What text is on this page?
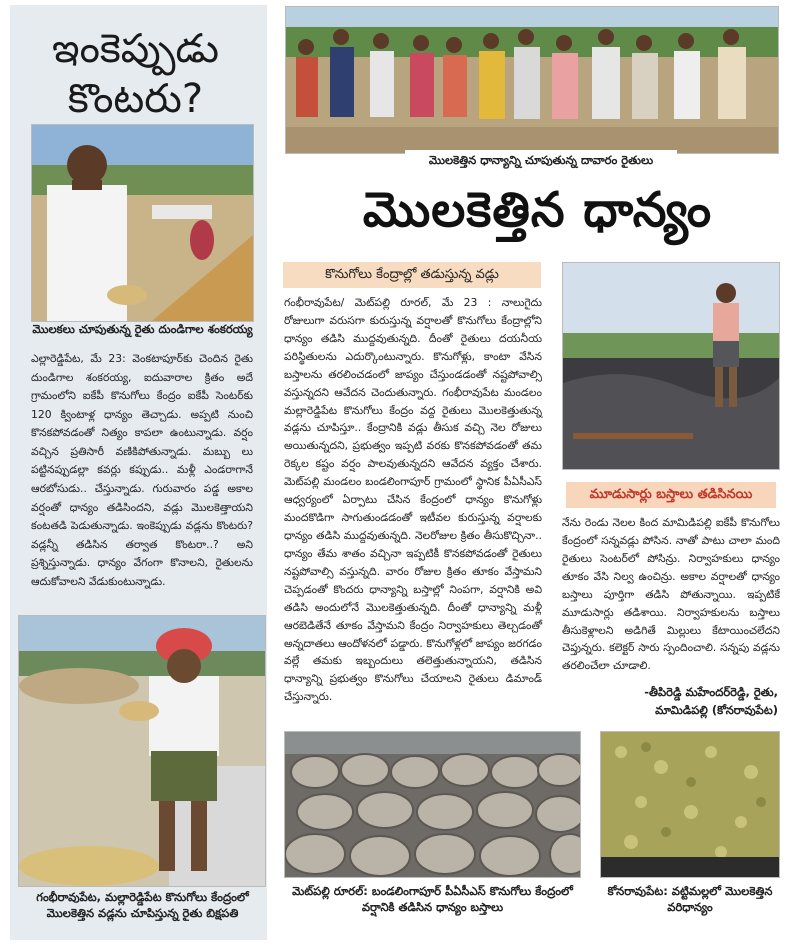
ఇంకెప్పుడు కొంటరు?
మొలకలు చూపుతున్న రైతు దుండిగాల శంకరయ్య
ఎల్లారెడ్డిపేట, మే 23: వెంకటాపూర్‌కు చెందిన రైతు దుండిగాల శంకరయ్య, ఐదువారాల క్రితం అదే గ్రామంలోని ఐకేపీ కొనుగోలు కేంద్రం ఐకేపీ సెంటర్‌కు 120 క్వింటాళ్ల ధాన్యం తెచ్చాడు. అప్పటి నుంచి కొనకపోవడంతో నిత్యం కాపలా ఉంటున్నాడు. వర్షం వచ్చిన ప్రతిసారీ వణికిపోతున్నాడు. మబ్బు లు పట్టినప్పుడల్లా కవర్లు కప్పుడు.. మళ్లీ ఎండరాగానే ఆరబోసుడు.. చేస్తున్నాడు. గురువారం పడ్డ అకాల వర్షంతో ధాన్యం తడిసిందని, వడ్లు మొలకెత్తాయని కంటతడి పెడుతున్నాడు. ఇంకెప్పుడు వడ్లను కొంటరు? వడ్లన్నీ తడిసిన తర్వాత కొంటరా..? అని ప్రశ్నిస్తున్నాడు. ధాన్యం వేగంగా కొనాలని, రైతులను ఆదుకోవాలని వేడుకుంటున్నాడు.
గంభీరావుపేట, మల్లారెడ్డిపేట కొనుగోలు కేంద్రంలో మొలకెత్తిన వడ్లను చూపిస్తున్న రైతు బిక్షపతి
మొలకెత్తిన ధాన్యాన్ని చూపుతున్న దావారం రైతులు
మొలకెత్తిన ధాన్యం
కొనుగోలు కేంద్రాల్లో తడుస్తున్న వడ్లు
గంభీరావుపేట/ మెట్‌పల్లి రూరల్, మే 23 : నాలుగైదు రోజులుగా వరుసగా కురుస్తున్న వర్షాలతో కొనుగోలు కేంద్రాల్లోని ధాన్యం తడిసి ముద్దవుతున్నది. దీంతో రైతులు దయనీయ పరిస్థితులను ఎదుర్కొంటున్నారు. కొనుగోళ్లు, కాంటా వేసిన బస్తాలను తరలించడంలో జాప్యం చేస్తుండడంతో నష్టపోవాల్సి వస్తున్నదని ఆవేదన చెందుతున్నారు. గంభీరావుపేట మండలం మల్లారెడ్డిపేట కొనుగోలు కేంద్రం వద్ద రైతులు మొలకెత్తుతున్న వడ్లను చూపిస్తూ.. కేంద్రానికి వడ్లు తీసుక వచ్చి నెల రోజులు అయితున్నదని, ప్రభుత్వం ఇప్పటి వరకు కొనకపోవడంతో తమ రెక్కల కష్టం వర్షం పాలవుతున్నదని ఆవేదన వ్యక్తం చేశారు. మెట్‌పల్లి మండలం బండలింగాపూర్ గ్రామంలో స్థానిక పీఏసీఎస్ ఆధ్వర్యంలో ఏర్పాటు చేసిన కేంద్రంలో ధాన్యం కొనుగోళ్లు మందకొడిగా సాగుతుండడంతో ఇటీవల కురుస్తున్న వర్షాలకు ధాన్యం తడిసి ముద్దవుతున్నది. నెలరోజుల క్రితం తీసుకొచ్చినా.. ధాన్యం తేమ శాతం వచ్చినా ఇప్పటికీ కొనకపోవడంతో రైతులు నష్టపోవాల్సి వస్తున్నది. వారం రోజుల క్రితం తూకం వేస్తామని చెప్పడంతో కొందరు ధాన్యాన్ని బస్తాల్లో నింపగా, వర్షానికి అవి తడిసి అందులోనే మొలకెత్తుతున్నది. దీంతో ధాన్యాన్ని మళ్లీ ఆరబెడితేనే తూకం వేస్తామని కేంద్రం నిర్వాహకులు తెల్చడంతో అన్నదాతలు ఆందోళనలో పడ్డారు. కొనుగోళ్లలో జాప్యం జరగడం వల్లే తమకు ఇబ్బందులు తలెత్తుతున్నాయని, తడిసిన ధాన్యాన్ని ప్రభుత్వం కొనుగోలు చేయాలని రైతులు డిమాండ్ చేస్తున్నారు.
మూడుసార్లు బస్తాలు తడిసినయి
నేను రెండు నెలల కింద మామిడిపల్లి ఐకేపీ కొనుగోలు కేంద్రంలో సన్నవడ్లు పోసిన. నాతో పాటు చాలా మంది రైతులు సెంటర్‌లో పోసిన్రు. నిర్వాహకులు ధాన్యం తూకం వేసి నిల్వ ఉంచిన్రు. అకాల వర్షాలతో ధాన్యం బస్తాలు పూర్తిగా తడిసి పోతున్నాయి. ఇప్పటికే మూడుసార్లు తడిశాయి. నిర్వాహకులను బస్తాలు తీసుకెళ్లాలని అడిగితే మిల్లులు కేటాయించలేదని చెప్తున్నరు. కలెక్టర్ సారు స్పందించాలి. సన్నపు వడ్లను తరలించేలా చూడాలి.
-తీపిరెడ్డి మహేందర్‌రెడ్డి, రైతు,
మామిడిపల్లి (కోనరావుపేట)
మెట్‌పల్లి రూరల్: బండలింగాపూర్ పీఏసీఎస్ కొనుగోలు కేంద్రంలో వర్షానికి తడిసిన ధాన్యం బస్తాలు
కోనరావుపేట: వట్టిమల్లలో మొలకెత్తిన వరిధాన్యం
